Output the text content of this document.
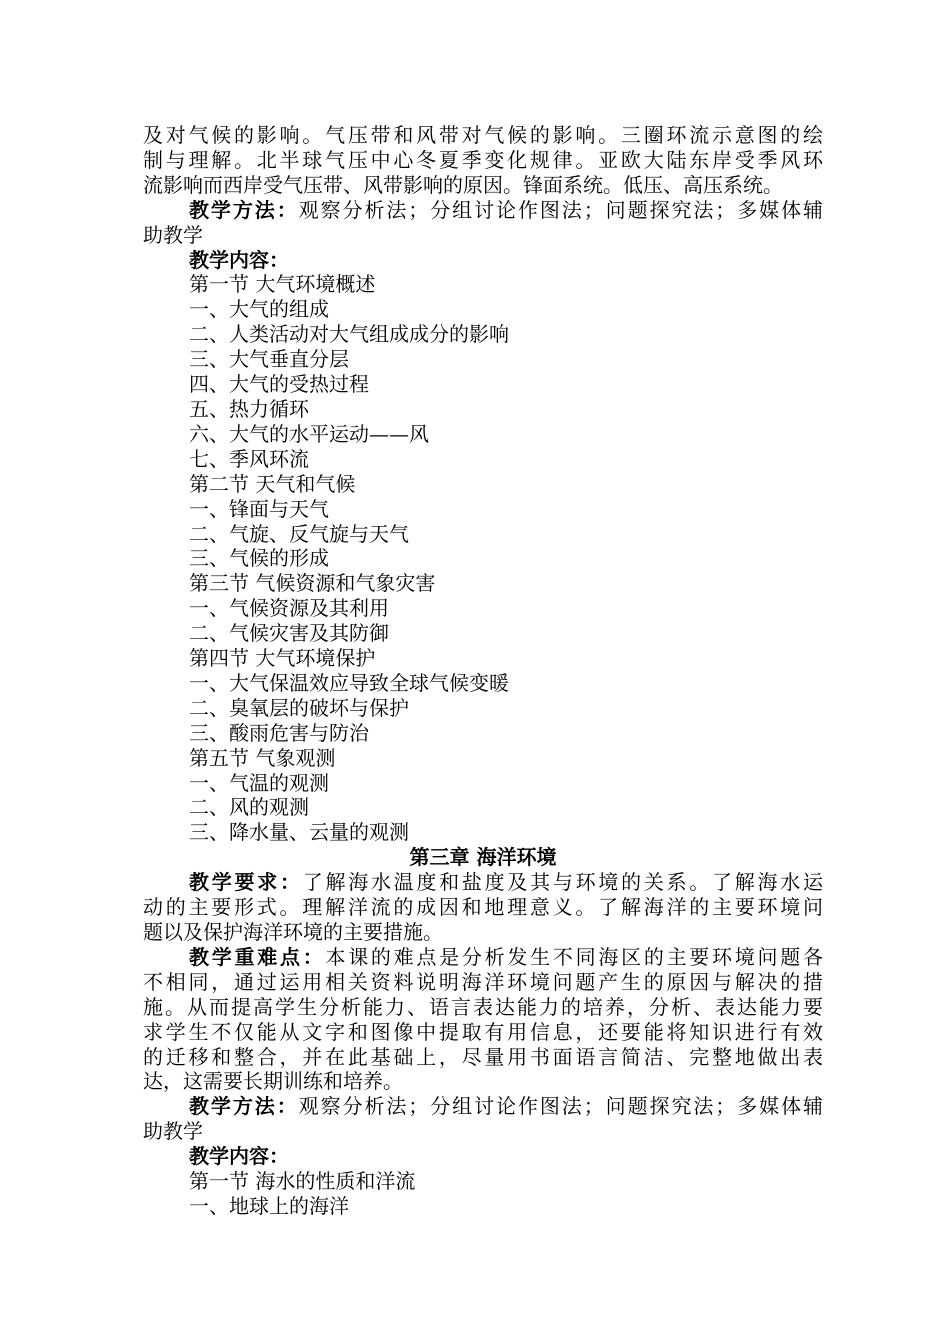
及对气候的影响。气压带和风带对气候的影响。三圈环流示意图的绘
制与理解。北半球气压中心冬夏季变化规律。亚欧大陆东岸受季风环
流影响而西岸受气压带、风带影响的原因。锋面系统。低压、高压系统。
教学方法：观察分析法；分组讨论作图法；问题探究法；多媒体辅
助教学
教学内容：
第一节 大气环境概述
一、大气的组成
二、人类活动对大气组成成分的影响
三、大气垂直分层
四、大气的受热过程
五、热力循环
六、大气的水平运动——风
七、季风环流
第二节 天气和气候
一、锋面与天气
二、气旋、反气旋与天气
三、气候的形成
第三节 气候资源和气象灾害
一、气候资源及其利用
二、气候灾害及其防御
第四节 大气环境保护
一、大气保温效应导致全球气候变暖
二、臭氧层的破坏与保护
三、酸雨危害与防治
第五节 气象观测
一、气温的观测
二、风的观测
三、降水量、云量的观测
第三章 海洋环境
教学要求：了解海水温度和盐度及其与环境的关系。了解海水运
动的主要形式。理解洋流的成因和地理意义。了解海洋的主要环境问
题以及保护海洋环境的主要措施。
教学重难点：本课的难点是分析发生不同海区的主要环境问题各
不相同，通过运用相关资料说明海洋环境问题产生的原因与解决的措
施。从而提高学生分析能力、语言表达能力的培养，分析、表达能力要
求学生不仅能从文字和图像中提取有用信息，还要能将知识进行有效
的迁移和整合，并在此基础上，尽量用书面语言简洁、完整地做出表
达，这需要长期训练和培养。
教学方法：观察分析法；分组讨论作图法；问题探究法；多媒体辅
助教学
教学内容：
第一节 海水的性质和洋流
一、地球上的海洋
